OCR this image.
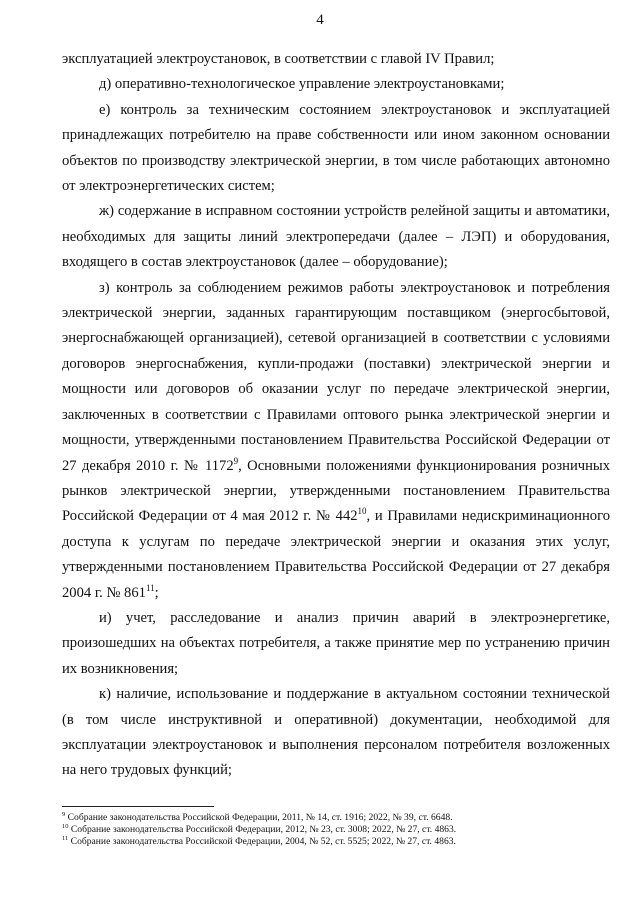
4

эксплуатацией электроустановок, в соответствии с главой IV Правил;

д) оперативно-технологическое управление электроустановками;

е) контроль за техническим состоянием электроустановок и эксплуатацией принадлежащих потребителю на праве собственности или ином законном основании объектов по производству электрической энергии, в том числе работающих автономно от электроэнергетических систем;

ж) содержание в исправном состоянии устройств релейной защиты и автоматики, необходимых для защиты линий электропередачи (далее – ЛЭП) и оборудования, входящего в состав электроустановок (далее – оборудование);

з) контроль за соблюдением режимов работы электроустановок и потребления электрической энергии, заданных гарантирующим поставщиком (энергосбытовой, энергоснабжающей организацией), сетевой организацией в соответствии с условиями договоров энергоснабжения, купли-продажи (поставки) электрической энергии и мощности или договоров об оказании услуг по передаче электрической энергии, заключенных в соответствии с Правилами оптового рынка электрической энергии и мощности, утвержденными постановлением Правительства Российской Федерации от 27 декабря 2010 г. № 1172$^9$, Основными положениями функционирования розничных рынков электрической энергии, утвержденными постановлением Правительства Российской Федерации от 4 мая 2012 г. № $442^{10}$, и Правилами недискриминационного доступа к услугам по передаче электрической энергии и оказания этих услуг, утвержденными постановлением Правительства Российской Федерации от 27 декабря 2004 г. № $861^{11}$;

и) учет, расследование и анализ причин аварий в электроэнергетике, произошедших на объектах потребителя, а также принятие мер по устранению причин их возникновения;

к) наличие, использование и поддержание в актуальном состоянии технической (в том числе инструктивной и оперативной) документации, необходимой для эксплуатации электроустановок и выполнения персоналом потребителя возложенных на него трудовых функций;

$^9$ Собрание законодательства Российской Федерации, 2011, № 14, ст. 1916; 2022, № 39, ст. 6648.

$^{10}$ Собрание законодательства Российской Федерации, 2012, № 23, ст. 3008; 2022, № 27, ст. 4863.

$^{11}$ Собрание законодательства Российской Федерации, 2004, № 52, ст. 5525; 2022, № 27, ст. 4863.
